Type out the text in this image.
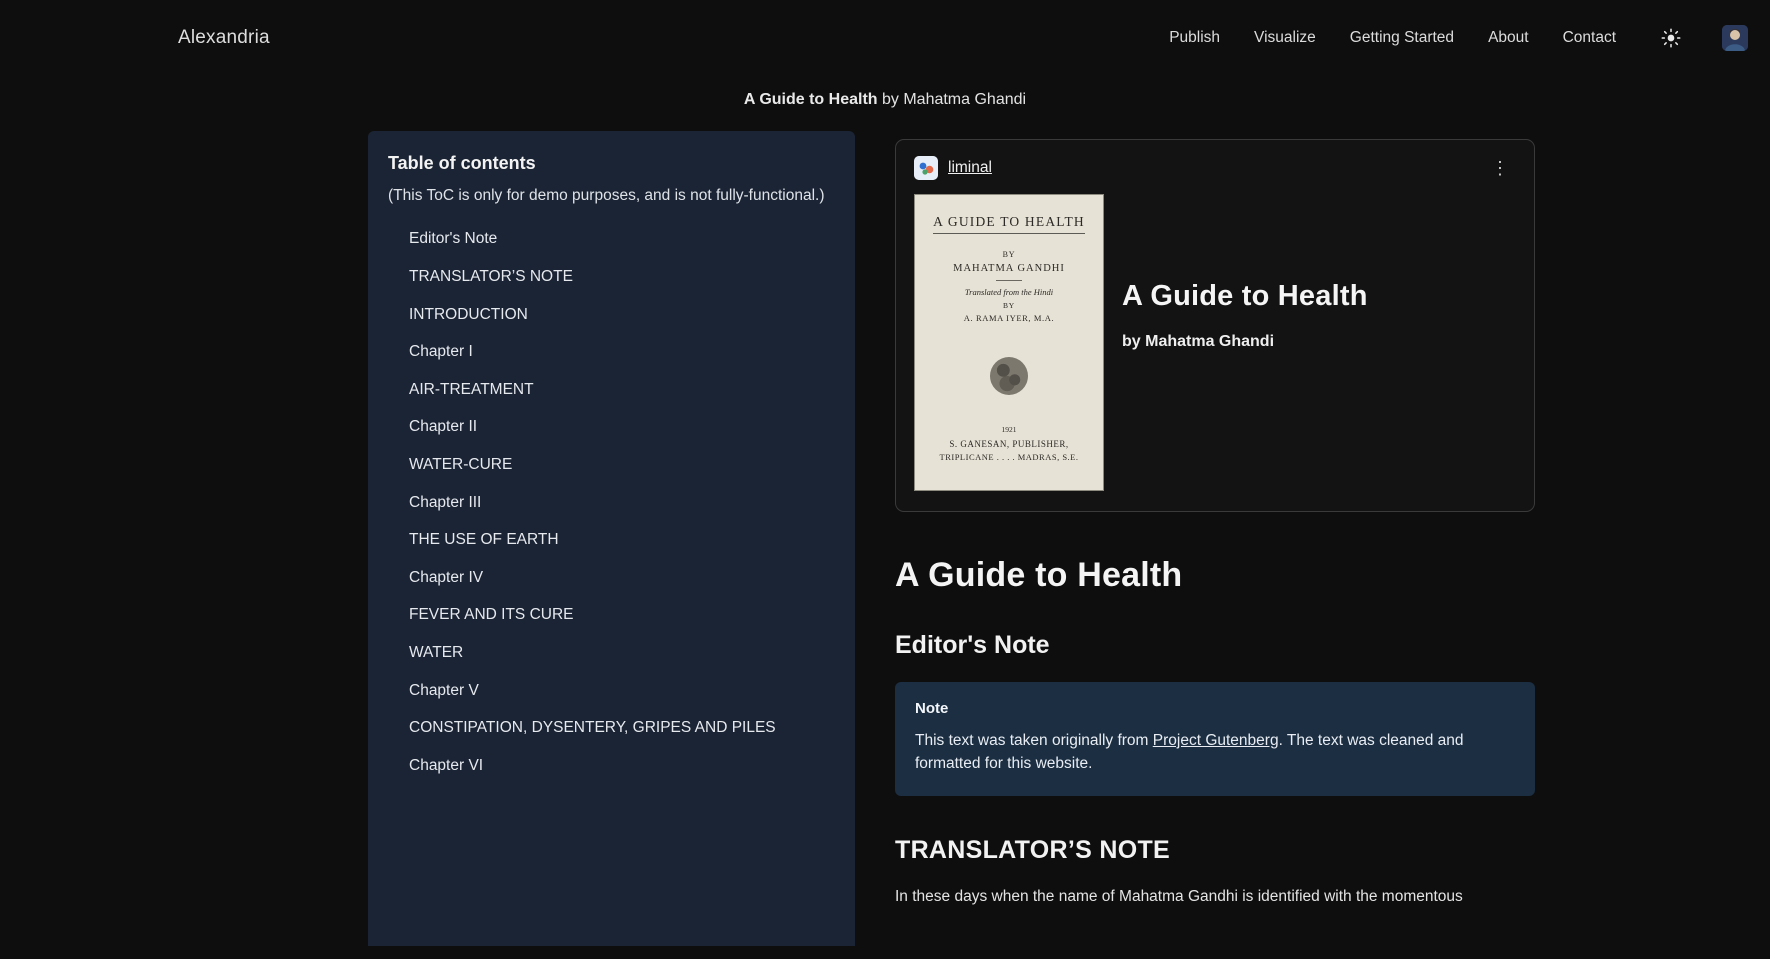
Alexandria	Publish Visualize Getting Started About Contact
A Guide to Health by Mahatma Ghandi
Table of contents
(This ToC is only for demo purposes, and is not fully-functional.)
Editor's Note
TRANSLATOR’S NOTE
INTRODUCTION
Chapter I
AIR-TREATMENT
Chapter II
WATER-CURE
Chapter III
THE USE OF EARTH
Chapter IV
FEVER AND ITS CURE
WATER
Chapter V
CONSTIPATION, DYSENTERY, GRIPES AND PILES
Chapter VI
liminal	⋮
A GUIDE TO HEALTH
BY
MAHATMA GANDHI
Translated from the Hindi
BY
A. RAMA IYER, M.A.
1921
S. GANESAN, PUBLISHER,
TRIPLICANE . . . . MADRAS, S.E.
A Guide to Health
by Mahatma Ghandi
A Guide to Health
Editor's Note
Note
This text was taken originally from Project Gutenberg. The text was cleaned and formatted for this website.
TRANSLATOR’S NOTE

In these days when the name of Mahatma Gandhi is identified with the momentous
